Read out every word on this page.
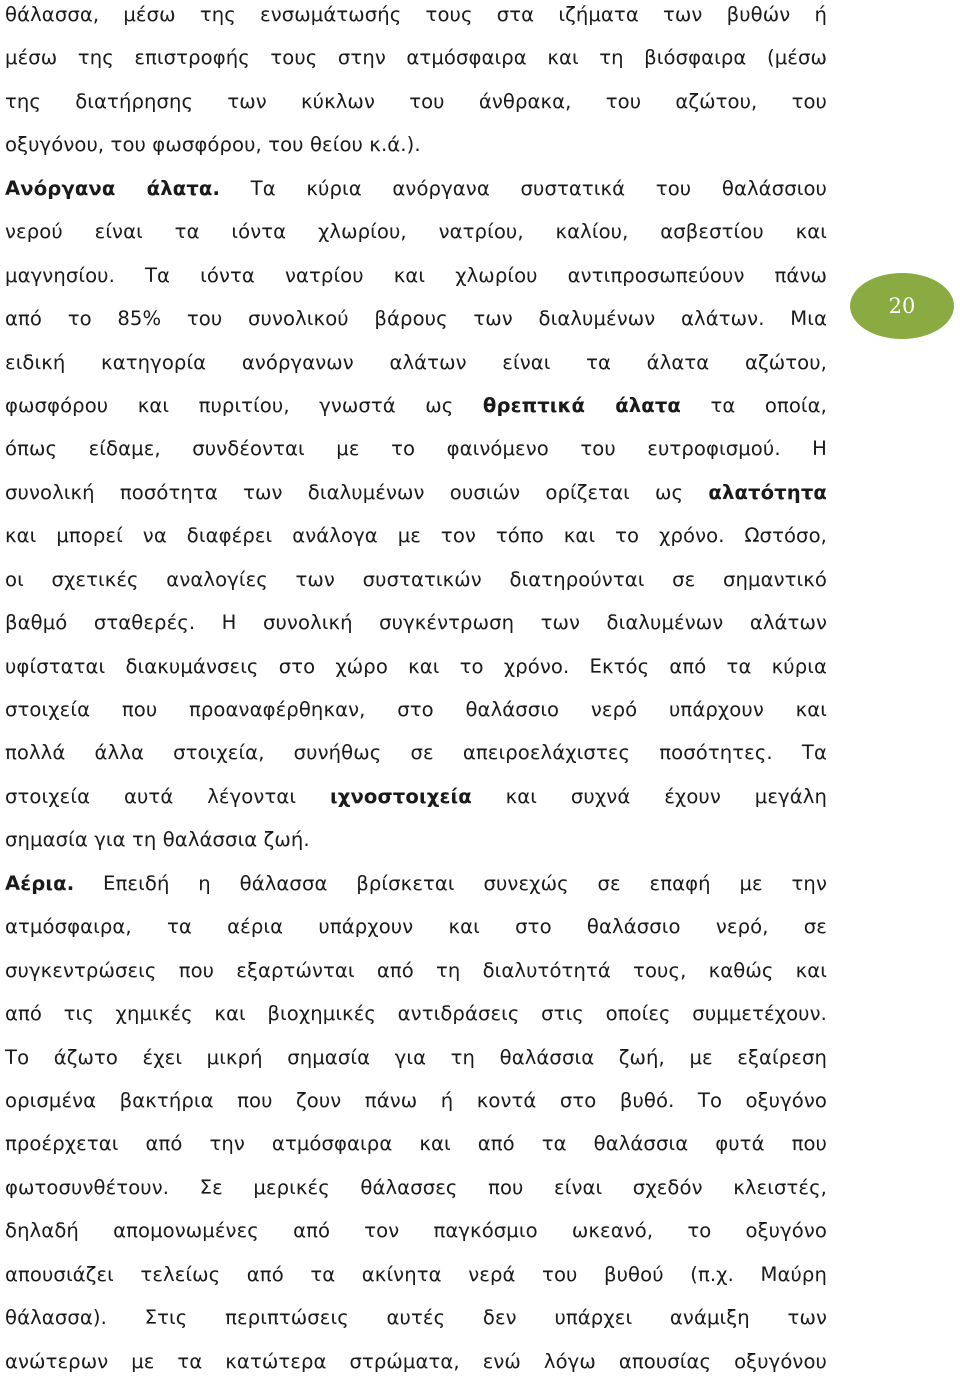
θάλασσα, μέσω της ενσωμάτωσής τους στα ιζήματα των βυθών ή
μέσω της επιστροφής τους στην ατμόσφαιρα και τη βιόσφαιρα (μέσω
της διατήρησης των κύκλων του άνθρακα, του αζώτου, του
οξυγόνου, του φωσφόρου, του θείου κ.ά.).
Ανόργανα άλατα. Τα κύρια ανόργανα συστατικά του θαλάσσιου
νερού είναι τα ιόντα χλωρίου, νατρίου, καλίου, ασβεστίου και
μαγνησίου. Τα ιόντα νατρίου και χλωρίου αντιπροσωπεύουν πάνω
από το 85% του συνολικού βάρους των διαλυμένων αλάτων. Μια
ειδική κατηγορία ανόργανων αλάτων είναι τα άλατα αζώτου,
φωσφόρου και πυριτίου, γνωστά ως θρεπτικά άλατα τα οποία,
όπως είδαμε, συνδέονται με το φαινόμενο του ευτροφισμού. Η
συνολική ποσότητα των διαλυμένων ουσιών ορίζεται ως αλατότητα
και μπορεί να διαφέρει ανάλογα με τον τόπο και το χρόνο. Ωστόσο,
οι σχετικές αναλογίες των συστατικών διατηρούνται σε σημαντικό
βαθμό σταθερές. Η συνολική συγκέντρωση των διαλυμένων αλάτων
υφίσταται διακυμάνσεις στο χώρο και το χρόνο. Εκτός από τα κύρια
στοιχεία που προαναφέρθηκαν, στο θαλάσσιο νερό υπάρχουν και
πολλά άλλα στοιχεία, συνήθως σε απειροελάχιστες ποσότητες. Τα
στοιχεία αυτά λέγονται ιχνοστοιχεία και συχνά έχουν μεγάλη
σημασία για τη θαλάσσια ζωή.
Αέρια. Επειδή η θάλασσα βρίσκεται συνεχώς σε επαφή με την
ατμόσφαιρα, τα αέρια υπάρχουν και στο θαλάσσιο νερό, σε
συγκεντρώσεις που εξαρτώνται από τη διαλυτότητά τους, καθώς και
από τις χημικές και βιοχημικές αντιδράσεις στις οποίες συμμετέχουν.
Το άζωτο έχει μικρή σημασία για τη θαλάσσια ζωή, με εξαίρεση
ορισμένα βακτήρια που ζουν πάνω ή κοντά στο βυθό. Το οξυγόνο
προέρχεται από την ατμόσφαιρα και από τα θαλάσσια φυτά που
φωτοσυνθέτουν. Σε μερικές θάλασσες που είναι σχεδόν κλειστές,
δηλαδή απομονωμένες από τον παγκόσμιο ωκεανό, το οξυγόνο
απουσιάζει τελείως από τα ακίνητα νερά του βυθού (π.χ. Μαύρη
θάλασσα). Στις περιπτώσεις αυτές δεν υπάρχει ανάμιξη των
ανώτερων με τα κατώτερα στρώματα, ενώ λόγω απουσίας οξυγόνου
20
